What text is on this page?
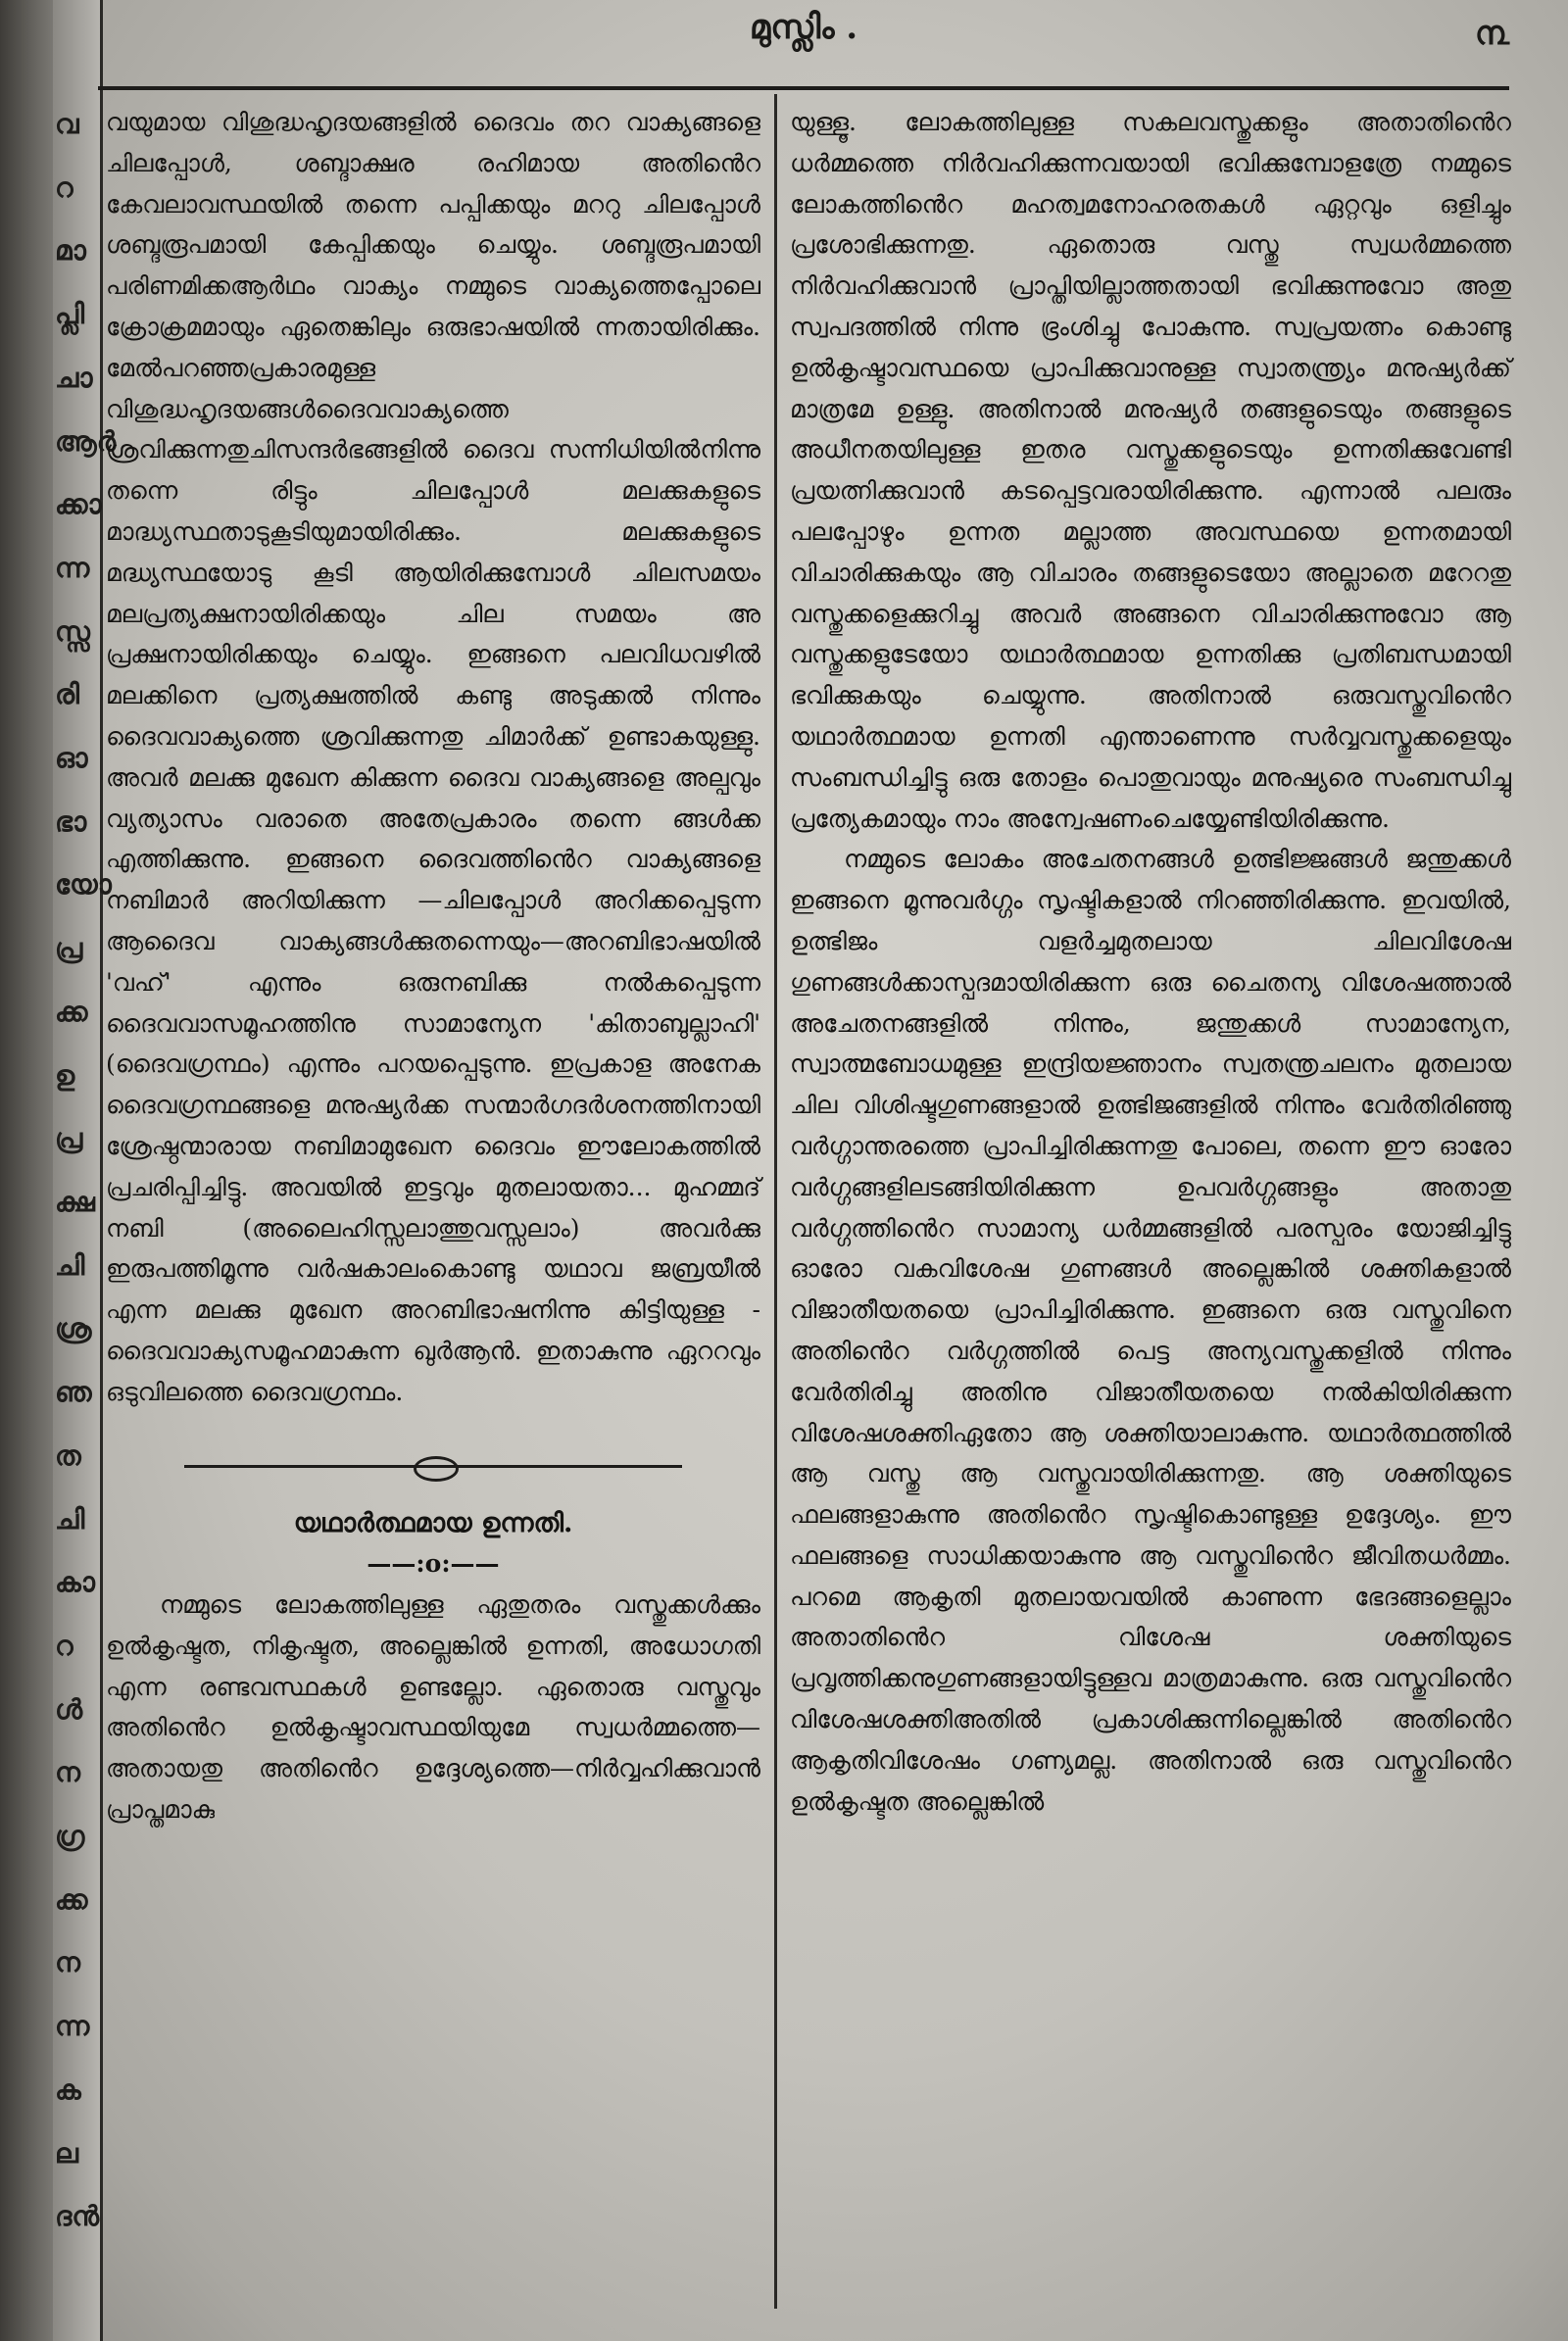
വ
റ
മാ
പ്ലി
ചാ
ആർ
ക്കാ
ന്ന
സ്സ
രി
ഓ
ഭാ
യോ
പ്ര
ക്ക
ഉ
പ്ര
ക്ഷ
ചി
ശ്ര
ഞ
ത
ചി
കാ
റ
ൾ
ന
ഗ്ര
ക്ക
ന
ന്ന
ക
ല
ദൻ
മുസ്ലിം .	൩

വയുമായ വിശുദ്ധഹൃദയങ്ങളിൽ ദൈവം തറ വാക്യങ്ങളെ ചിലപ്പോൾ, ശബ്ദാക്ഷര രഹിമായ അതിൻെറ കേവലാവസ്ഥയിൽ തന്നെ പപ്പിക്കയും മററു ചിലപ്പോൾ ശബ്ദരൂപമായി കേപ്പിക്കയും ചെയ്യും. ശബ്ദരൂപമായി പരിണമിക്കആർഥം വാക്യം നമ്മുടെ വാക്യത്തെപ്പോലെ ക്രോക്രമമായും ഏതെങ്കിലും ഒരുഭാഷയിൽ ന്നതായിരിക്കും. മേൽപറഞ്ഞപ്രകാരമുള്ള വിശുദ്ധഹൃദയങ്ങൾദൈവവാക്യത്തെ ശ്രവിക്കുന്നതുചിസന്ദർഭങ്ങളിൽ ദൈവ സന്നിധിയിൽനിന്നു തന്നെ രിട്ടും ചിലപ്പോൾ മലക്കുകളുടെ മാദ്ധ്യസ്ഥതാടുകൂടിയുമായിരിക്കും. മലക്കുകളുടെ മദ്ധ്യസ്ഥയോടു കൂടി ആയിരിക്കുമ്പോൾ ചിലസമയം മലപ്രത്യക്ഷനായിരിക്കയും ചില സമയം അ പ്രക്ഷനായിരിക്കയും ചെയ്യും. ഇങ്ങനെ പലവിധവഴിൽ മലക്കിനെ പ്രത്യക്ഷത്തിൽ കണ്ടു അടുക്കൽ നിന്നും ദൈവവാക്യത്തെ ശ്രവിക്കുന്നതു ചിമാർക്ക് ഉണ്ടാകയുള്ളു. അവർ മലക്കു മുഖേന കിക്കുന്ന ദൈവ വാക്യങ്ങളെ അല്പവും വ്യത്യാസം വരാതെ അതേപ്രകാരം തന്നെ ങ്ങൾക്ക എത്തിക്കുന്നു. ഇങ്ങനെ ദൈവത്തിൻെറ വാക്യങ്ങളെ നബിമാർ അറിയിക്കുന്ന —ചിലപ്പോൾ അറിക്കപ്പെടുന്ന ആദൈവ വാക്യങ്ങൾക്കുതന്നെയും—അറബിഭാഷയിൽ 'വഹ്' എന്നും ഒരുനബിക്കു നൽകപ്പെടുന്ന ദൈവവാസമൂഹത്തിനു സാമാന്യേന 'കിതാബുല്ലാഹി' (ദൈവഗ്രന്ഥം) എന്നും പറയപ്പെടുന്നു. ഇപ്രകാള അനേക ദൈവഗ്രന്ഥങ്ങളെ മനുഷ്യർക്ക സന്മാർഗദർശനത്തിനായി ശ്രേഷ്ഠന്മാരായ നബിമാമുഖേന ദൈവം ഈലോകത്തിൽ പ്രചരിപ്പിച്ചിട്ടു. അവയിൽ ഇട്ടവും മുതലായതാ... മുഹമ്മദ് നബി (അലൈഹിസ്സലാത്തുവസ്സലാം) അവർക്കു ഇരുപത്തിമൂന്നു വർഷകാലംകൊണ്ടു യഥാവ ജബ്രയീൽ എന്ന മലക്കു മുഖേന അറബിഭാഷനിന്നു കിട്ടിയുള്ള - ദൈവവാക്യസമൂഹമാകുന്ന ഖുർആൻ. ഇതാകുന്നു ഏററവും ഒടുവിലത്തെ ദൈവഗ്രന്ഥം.

യഥാർത്ഥമായ ഉന്നതി.

——:o:——

നമ്മുടെ ലോകത്തിലുള്ള ഏതുതരം വസ്തുക്കൾക്കും ഉൽകൃഷ്ടത, നികൃഷ്ടത, അല്ലെങ്കിൽ ഉന്നതി, അധോഗതി എന്ന രണ്ടവസ്ഥകൾ ഉണ്ടല്ലോ. ഏതൊരു വസ്തുവും അതിൻെറ ഉൽകൃഷ്ടാവസ്ഥയിയുമേ സ്വധർമ്മത്തെ—അതായതു അതിൻെറ ഉദ്ദേശ്യത്തെ—നിർവ്വഹിക്കുവാൻ പ്രാപ്തമാകു

യുള്ളൂ. ലോകത്തിലുള്ള സകലവസ്തുക്കളും അതാതിൻെറ ധർമ്മത്തെ നിർവഹിക്കുന്നവയായി ഭവിക്കുമ്പോളത്രേ നമ്മുടെ ലോകത്തിൻെറ മഹത്വമനോഹരതകൾ ഏറ്റവും ഒളിച്ചും പ്രശോഭിക്കുന്നതു. ഏതൊരു വസ്തു സ്വധർമ്മത്തെ നിർവഹിക്കുവാൻ പ്രാപ്തിയില്ലാത്തതായി ഭവിക്കുന്നുവോ അതു സ്വപദത്തിൽ നിന്നു ഭ്രംശിച്ചു പോകുന്നു. സ്വപ്രയത്നം കൊണ്ടു ഉൽകൃഷ്ടാവസ്ഥയെ പ്രാപിക്കുവാനുള്ള സ്വാതന്ത്ര്യം മനുഷ്യർക്ക് മാത്രമേ ഉള്ളു. അതിനാൽ മനുഷ്യർ തങ്ങളുടെയും തങ്ങളുടെ അധീനതയിലുള്ള ഇതര വസ്തുക്കളുടെയും ഉന്നതിക്കുവേണ്ടി പ്രയത്നിക്കുവാൻ കടപ്പെട്ടവരായിരിക്കുന്നു. എന്നാൽ പലരും പലപ്പോഴും ഉന്നത മല്ലാത്ത അവസ്ഥയെ ഉന്നതമായി വിചാരിക്കുകയും ആ വിചാരം തങ്ങളുടെയോ അല്ലാതെ മറേറതു വസ്തുക്കളെക്കുറിച്ചു അവർ അങ്ങനെ വിചാരിക്കുന്നുവോ ആ വസ്തുക്കളുടേയോ യഥാർത്ഥമായ ഉന്നതിക്കു പ്രതിബന്ധമായി ഭവിക്കുകയും ചെയ്യുന്നു. അതിനാൽ ഒരുവസ്തുവിൻെറ യഥാർത്ഥമായ ഉന്നതി എന്താണെന്നു സർവ്വവസ്തുക്കളെയും സംബന്ധിച്ചിട്ടു ഒരു തോളം പൊതുവായും മനുഷ്യരെ സംബന്ധിച്ചു പ്രത്യേകമായും നാം അന്വേഷണംചെയ്യേണ്ടിയിരിക്കുന്നു.

നമ്മുടെ ലോകം അചേതനങ്ങൾ ഉത്ഭിജ്ജങ്ങൾ ജന്തുക്കൾ ഇങ്ങനെ മൂന്നുവർഗ്ഗം സൃഷ്ടികളാൽ നിറഞ്ഞിരിക്കുന്നു. ഇവയിൽ, ഉത്ഭിജം വളർച്ചമുതലായ ചിലവിശേഷ ഗുണങ്ങൾക്കാസ്പദമായിരിക്കുന്ന ഒരു ചൈതന്യ വിശേഷത്താൽ അചേതനങ്ങളിൽ നിന്നും, ജന്തുക്കൾ സാമാന്യേന, സ്വാത്മബോധമുള്ള ഇന്ദ്രിയജ്ഞാനം സ്വതന്ത്രചലനം മുതലായ ചില വിശിഷ്ടഗുണങ്ങളാൽ ഉത്ഭിജങ്ങളിൽ നിന്നും വേർതിരിഞ്ഞു വർഗ്ഗാന്തരത്തെ പ്രാപിച്ചിരിക്കുന്നതു പോലെ, തന്നെ ഈ ഓരോ വർഗ്ഗങ്ങളിലടങ്ങിയിരിക്കുന്ന ഉപവർഗ്ഗങ്ങളും അതാതു വർഗ്ഗത്തിൻെറ സാമാന്യ ധർമ്മങ്ങളിൽ പരസ്പരം യോജിച്ചിട്ടു ഓരോ വകവിശേഷ ഗുണങ്ങൾ അല്ലെങ്കിൽ ശക്തികളാൽ വിജാതീയതയെ പ്രാപിച്ചിരിക്കുന്നു. ഇങ്ങനെ ഒരു വസ്തുവിനെ അതിൻെറ വർഗ്ഗത്തിൽ പെട്ട അന്യവസ്തുക്കളിൽ നിന്നും വേർതിരിച്ചു അതിനു വിജാതീയതയെ നൽകിയിരിക്കുന്ന വിശേഷശക്തിഏതോ ആ ശക്തിയാലാകുന്നു. യഥാർത്ഥത്തിൽ ആ വസ്തു ആ വസ്തുവായിരിക്കുന്നതു. ആ ശക്തിയുടെ ഫലങ്ങളാകുന്നു അതിൻെറ സൃഷ്ടികൊണ്ടുള്ള ഉദ്ദേശ്യം. ഈ ഫലങ്ങളെ സാധിക്കയാകുന്നു ആ വസ്തുവിൻെറ ജീവിതധർമ്മം. പറമെ ആകൃതി മുതലായവയിൽ കാണുന്ന ഭേദങ്ങളെല്ലാം അതാതിൻെറ വിശേഷ ശക്തിയുടെ പ്രവൃത്തിക്കനുഗുണങ്ങളായിട്ടുള്ളവ മാത്രമാകുന്നു. ഒരു വസ്തുവിൻെറ വിശേഷശക്തിഅതിൽ പ്രകാശിക്കുന്നില്ലെങ്കിൽ അതിൻെറ ആകൃതിവിശേഷം ഗണ്യമല്ല. അതിനാൽ ഒരു വസ്തുവിൻെറ ഉൽകൃഷ്ടത അല്ലെങ്കിൽ
